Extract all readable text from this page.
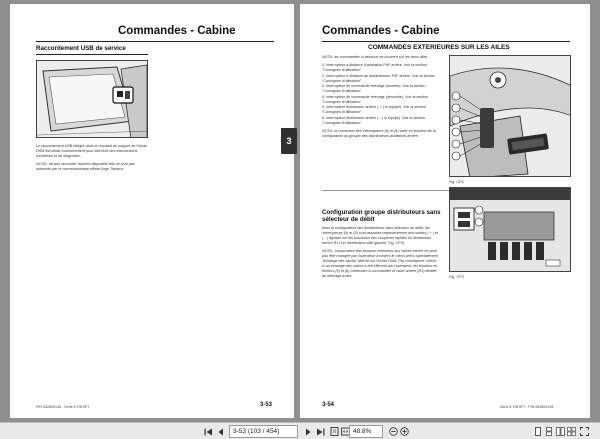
Commandes - Cabine
Raccordement USB de service

Le raccordement USB intégré dans le montant du support de l'écran DSM est utilisé exclusivement pour des buts des interventions d'entretien et de diagnostic.

NOTA : ne pas raccorder d'autres dispositifs tels ne sont pas autorisés par le concessionnaire officiel Argo Tractors.

P/N 952800145 - Série 6 VSHIFT	3-53
3
Commandes - Cabine
COMMANDES EXTERIEURES SUR LES AILES

NOTA: les commandes ci-dessous se trouvent sur les deux ailes.

1. Interrupteur à distance d'activation PdF arrière. Voir la section "Consignes d'utilisation".
2. Interrupteur à distance de désactivation PdF arrière. Voir la section "Consignes d'utilisation".
3. Interrupteur de commande relevage (montée). Voir la section "Consignes d'utilisation".
4. Interrupteur de commande relevage (descente). Voir la section "Consignes d'utilisation".
5. Interrupteur distributeur arrière ( + ) ie equipé). Voir la section "Consignes d'utilisation".
6. Interrupteur distributeur arrière ( - ) ie equipé). Voir la section "Consignes d'utilisation".

NOTA: la connexion des interrupteurs (5) et (6) varie en fonction de la configuration du groupe des distributeurs auxiliaires arrière.

Fig. CP1
Configuration groupe distributeurs sans sélecteur de débit

Avec la configuration des distributeurs sans sélecteur de débit, les interrupteurs (5) et (6) sont associés respectivement aux sorties ( + ) et ( - ) figurant sur les bouchons des coupleurs rapides du distributeur arrière R1 (1er distributeur côté gauche, Fig. CP3).

NOTA : l'association des boutons extérieurs aux valves arrière ne peut pas être changée par l'opérateur à travers le menu prévu spécialement "échange des valves" affiché sur l'écran DSM. Par conséquent, même si un échange des valves a été effectué par l'opérateur, les boutons ex-térieurs (5) et (6) continuent à commander la valve arrière (R1) dédiée au relevage avant.	Fig. CP3
3-54	Série 6 VSHIFT - P/N 952800145
3-53 (103 / 454)	48.8%
